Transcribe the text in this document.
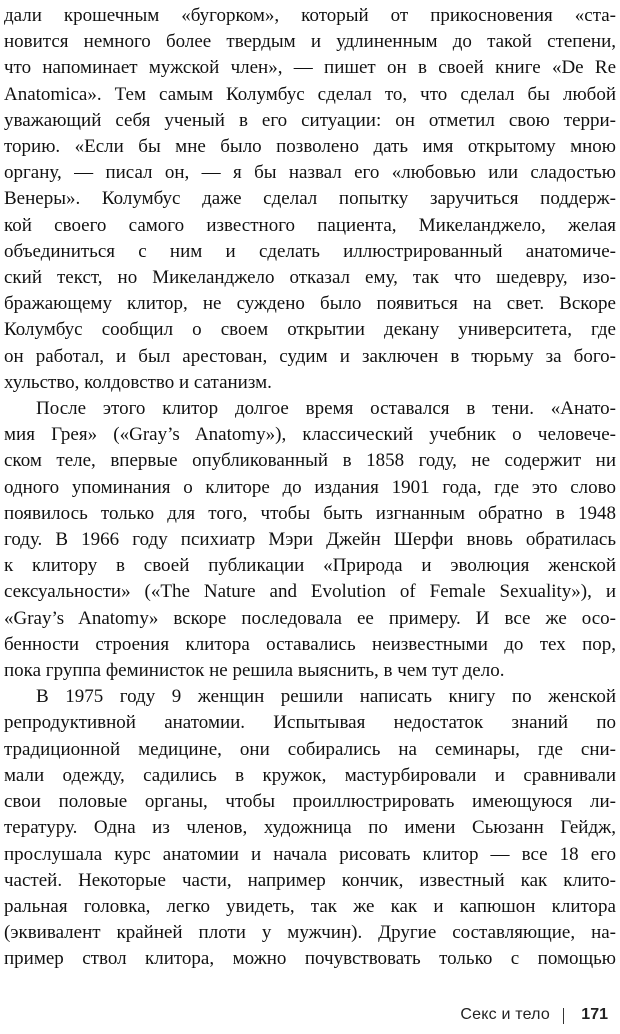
дали крошечным «бугорком», который от прикосновения «ста-
новится немного более твердым и удлиненным до такой степени,
что напоминает мужской член», — пишет он в своей книге «De Re
Anatomica». Тем самым Колумбус сделал то, что сделал бы любой
уважающий себя ученый в его ситуации: он отметил свою терри-
торию. «Если бы мне было позволено дать имя открытому мною
органу, — писал он, — я бы назвал его «любовью или сладостью
Венеры». Колумбус даже сделал попытку заручиться поддерж-
кой своего самого известного пациента, Микеланджело, желая
объединиться с ним и сделать иллюстрированный анатомиче-
ский текст, но Микеланджело отказал ему, так что шедевру, изо-
бражающему клитор, не суждено было появиться на свет. Вскоре
Колумбус сообщил о своем открытии декану университета, где
он работал, и был арестован, судим и заключен в тюрьму за бого-
хульство, колдовство и сатанизм.
После этого клитор долгое время оставался в тени. «Анато-
мия Грея» («Gray’s Anatomy»), классический учебник о человече-
ском теле, впервые опубликованный в 1858 году, не содержит ни
одного упоминания о клиторе до издания 1901 года, где это слово
появилось только для того, чтобы быть изгнанным обратно в 1948
году. В 1966 году психиатр Мэри Джейн Шерфи вновь обратилась
к клитору в своей публикации «Природа и эволюция женской
сексуальности» («The Nature and Evolution of Female Sexuality»), и
«Gray’s Anatomy» вскоре последовала ее примеру. И все же осо-
бенности строения клитора оставались неизвестными до тех пор,
пока группа феминисток не решила выяснить, в чем тут дело.
В 1975 году 9 женщин решили написать книгу по женской
репродуктивной анатомии. Испытывая недостаток знаний по
традиционной медицине, они собирались на семинары, где сни-
мали одежду, садились в кружок, мастурбировали и сравнивали
свои половые органы, чтобы проиллюстрировать имеющуюся ли-
тературу. Одна из членов, художница по имени Сьюзанн Гейдж,
прослушала курс анатомии и начала рисовать клитор — все 18 его
частей. Некоторые части, например кончик, известный как клито-
ральная головка, легко увидеть, так же как и капюшон клитора
(эквивалент крайней плоти у мужчин). Другие составляющие, на-
пример ствол клитора, можно почувствовать только с помощью
Секс и тело 171
